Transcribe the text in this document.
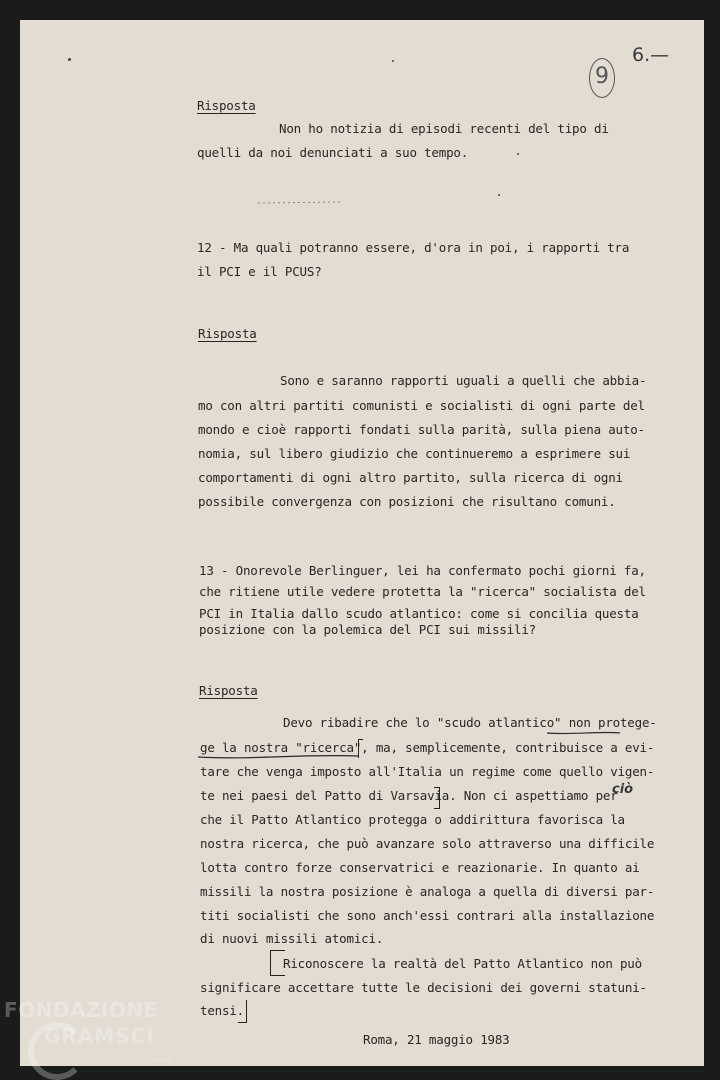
6.—
9
Risposta
Non ho notizia di episodi recenti del tipo di
quelli da noi denunciati a suo tempo.
12 - Ma quali potranno essere, d'ora in poi, i rapporti tra
il PCI e il PCUS?
Risposta
Sono e saranno rapporti uguali a quelli che abbia-
mo con altri partiti comunisti e socialisti di ogni parte del
mondo e cioè rapporti fondati sulla parità, sulla piena auto-
nomia, sul libero giudizio che continueremo a esprimere sui
comportamenti di ogni altro partito, sulla ricerca di ogni
possibile convergenza con posizioni che risultano comuni.
13 - Onorevole Berlinguer, lei ha confermato pochi giorni fa,
che ritiene utile vedere protetta la "ricerca" socialista del
PCI in Italia dallo scudo atlantico: come si concilia questa
posizione con la polemica del PCI sui missili?
Risposta
Devo ribadire che lo "scudo atlantico" non protege-
ge la nostra "ricerca", ma, semplicemente, contribuisce a evi-
tare che venga imposto all'Italia un regime come quello vigen-
te nei paesi del Patto di Varsavia. Non ci aspettiamo per
che il Patto Atlantico protegga o addirittura favorisca la
nostra ricerca, che può avanzare solo attraverso una difficile
lotta contro forze conservatrici e reazionarie. In quanto ai
missili la nostra posizione è analoga a quella di diversi par-
titi socialisti che sono anch'essi contrari alla installazione
di nuovi missili atomici.
Riconoscere la realtà del Patto Atlantico non può
significare accettare tutte le decisioni dei governi statuni-
tensi.
ciò
FONDAZIONE
GRAMSCI
onlus
Roma, 21 maggio 1983
